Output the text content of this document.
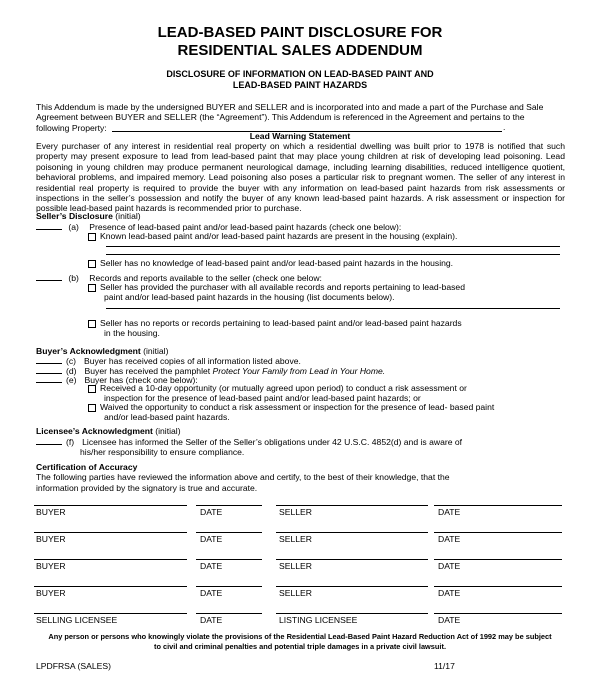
LEAD-BASED PAINT DISCLOSURE FOR
RESIDENTIAL SALES ADDENDUM
DISCLOSURE OF INFORMATION ON LEAD-BASED PAINT AND
LEAD-BASED PAINT HAZARDS
This Addendum is made by the undersigned BUYER and SELLER and is incorporated into and made a part of the Purchase and Sale
Agreement between BUYER and SELLER (the “Agreement”). This Addendum is referenced in the Agreement and pertains to the
following Property:	.
Lead Warning Statement
Every purchaser of any interest in residential real property on which a residential dwelling was built prior to 1978 is notified that such property may present exposure to lead from lead-based paint that may place young children at risk of developing lead poisoning. Lead poisoning in young children may produce permanent neurological damage, including learning disabilities, reduced intelligence quotient, behavioral problems, and impaired memory. Lead poisoning also poses a particular risk to pregnant women. The seller of any interest in residential real property is required to provide the buyer with any information on lead-based paint hazards from risk assessments or inspections in the seller’s possession and notify the buyer of any known lead-based paint hazards. A risk assessment or inspection for possible lead-based paint hazards is recommended prior to purchase.
Seller’s Disclosure (initial)
(a) Presence of lead-based paint and/or lead-based paint hazards (check one below):
Known lead-based paint and/or lead-based paint hazards are present in the housing (explain).
Seller has no knowledge of lead-based paint and/or lead-based paint hazards in the housing.
(b) Records and reports available to the seller (check one below:
Seller has provided the purchaser with all available records and reports pertaining to lead-based
paint and/or lead-based paint hazards in the housing (list documents below).
Seller has no reports or records pertaining to lead-based paint and/or lead-based paint hazards
in the housing.
Buyer’s Acknowledgment (initial)
(c) Buyer has received copies of all information listed above.
(d) Buyer has received the pamphlet Protect Your Family from Lead in Your Home.
(e) Buyer has (check one below):
Received a 10-day opportunity (or mutually agreed upon period) to conduct a risk assessment or
inspection for the presence of lead-based paint and/or lead-based paint hazards; or
Waived the opportunity to conduct a risk assessment or inspection for the presence of lead- based paint
and/or lead-based paint hazards.
Licensee’s Acknowledgment (initial)
(f) Licensee has informed the Seller of the Seller’s obligations under 42 U.S.C. 4852(d) and is aware of
his/her responsibility to ensure compliance.
Certification of Accuracy
The following parties have reviewed the information above and certify, to the best of their knowledge, that the
information provided by the signatory is true and accurate.
BUYER	DATE	SELLER	DATE
BUYER	DATE	SELLER	DATE
BUYER	DATE	SELLER	DATE
BUYER	DATE	SELLER	DATE
SELLING LICENSEE	DATE	LISTING LICENSEE	DATE
Any person or persons who knowingly violate the provisions of the Residential Lead-Based Paint Hazard Reduction Act of 1992 may be subject
to civil and criminal penalties and potential triple damages in a private civil lawsuit.
LPDFRSA (SALES)	11/17
